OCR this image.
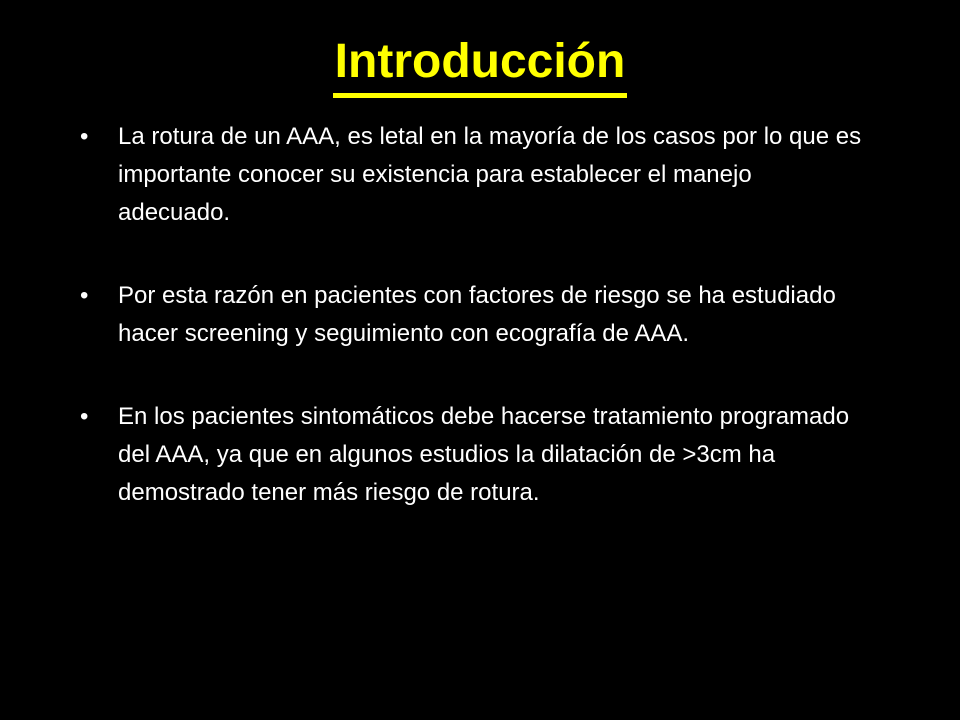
Introducción
• La rotura de un AAA, es letal en la mayoría de los casos por lo que es importante conocer su existencia para establecer el manejo adecuado.
• Por esta razón en pacientes con factores de riesgo se ha estudiado hacer screening y seguimiento con ecografía de AAA.
• En los pacientes sintomáticos debe hacerse tratamiento programado del AAA, ya que en algunos estudios la dilatación de >3cm ha demostrado tener más riesgo de rotura.
